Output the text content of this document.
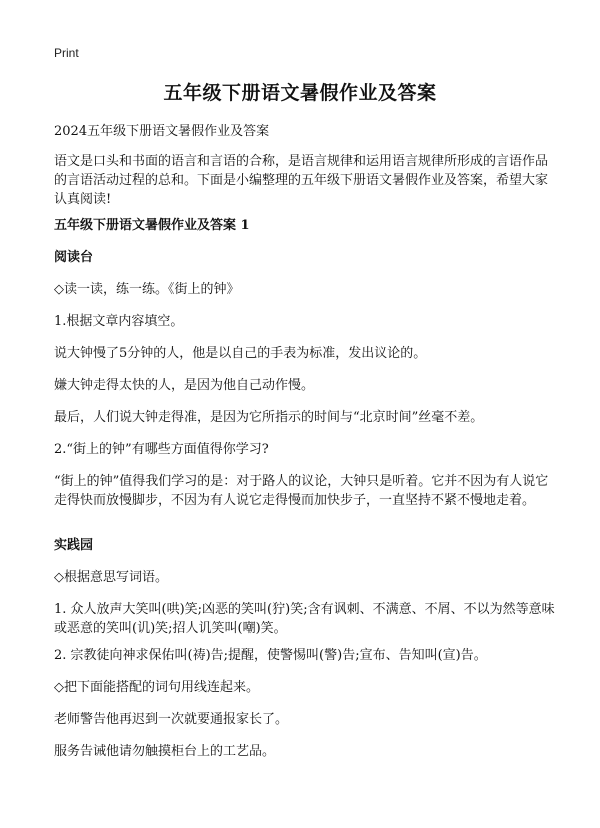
Print
五年级下册语文暑假作业及答案

2024五年级下册语文暑假作业及答案

语文是口头和书面的语言和言语的合称，是语言规律和运用语言规律所形成的言语作品的言语活动过程的总和。下面是小编整理的五年级下册语文暑假作业及答案，希望大家认真阅读!

五年级下册语文暑假作业及答案 1

阅读台

◇读一读，练一练。《街上的钟》

1.根据文章内容填空。

说大钟慢了5分钟的人，他是以自己的手表为标准，发出议论的。

嫌大钟走得太快的人，是因为他自己动作慢。

最后，人们说大钟走得准，是因为它所指示的时间与“北京时间”丝毫不差。

2.“街上的钟”有哪些方面值得你学习?

“街上的钟”值得我们学习的是：对于路人的议论，大钟只是听着。它并不因为有人说它走得快而放慢脚步，不因为有人说它走得慢而加快步子，一直坚持不紧不慢地走着。

实践园

◇根据意思写词语。

1. 众人放声大笑叫(哄)笑;凶恶的笑叫(狞)笑;含有讽刺、不满意、不屑、不以为然等意味或恶意的笑叫(讥)笑;招人讥笑叫(嘲)笑。

2. 宗教徒向神求保佑叫(祷)告;提醒，使警惕叫(警)告;宣布、告知叫(宣)告。

◇把下面能搭配的词句用线连起来。

老师警告他再迟到一次就要通报家长了。

服务告诫他请勿触摸柜台上的工艺品。
